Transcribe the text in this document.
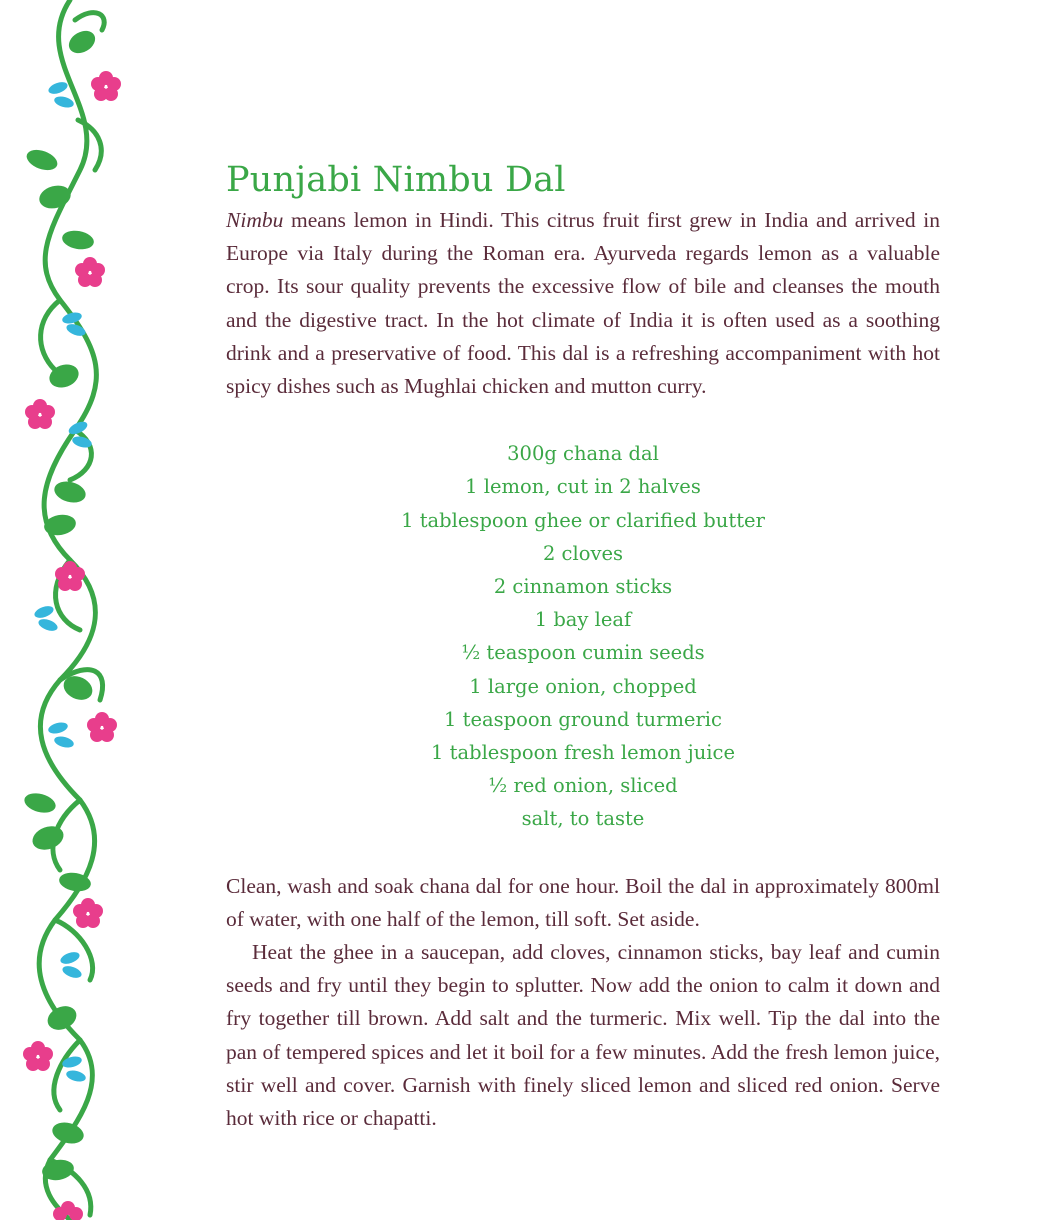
Punjabi Nimbu Dal

Nimbu means lemon in Hindi. This citrus fruit first grew in India and arrived in Europe via Italy during the Roman era. Ayurveda regards lemon as a valuable crop. Its sour quality prevents the excessive flow of bile and cleanses the mouth and the digestive tract. In the hot climate of India it is often used as a soothing drink and a preservative of food. This dal is a refreshing accompaniment with hot spicy dishes such as Mughlai chicken and mutton curry.

300g chana dal
1 lemon, cut in 2 halves
1 tablespoon ghee or clarified butter
2 cloves
2 cinnamon sticks
1 bay leaf
½ teaspoon cumin seeds
1 large onion, chopped
1 teaspoon ground turmeric
1 tablespoon fresh lemon juice
½ red onion, sliced
salt, to taste

Clean, wash and soak chana dal for one hour. Boil the dal in approximately 800ml of water, with one half of the lemon, till soft. Set aside.

Heat the ghee in a saucepan, add cloves, cinnamon sticks, bay leaf and cumin seeds and fry until they begin to splutter. Now add the onion to calm it down and fry together till brown. Add salt and the turmeric. Mix well. Tip the dal into the pan of tempered spices and let it boil for a few minutes. Add the fresh lemon juice, stir well and cover. Garnish with finely sliced lemon and sliced red onion. Serve hot with rice or chapatti.
